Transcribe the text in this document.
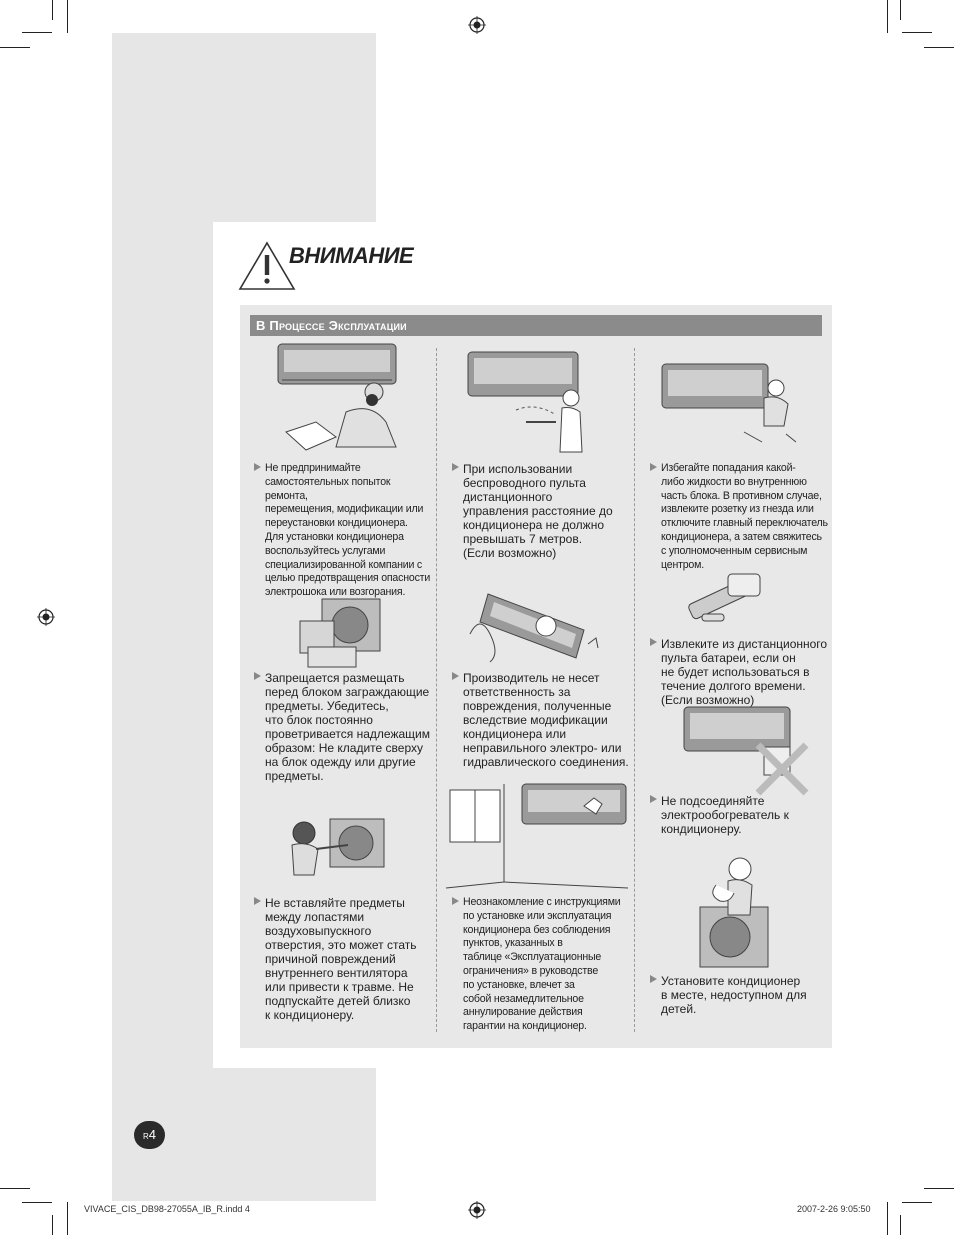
ВНИМАНИЕ
В Процессе Эксплуатации
Не предпринимайте
самостоятельных попыток ремонта,
перемещения, модификации или
переустановки кондиционера.
Для установки кондиционера
воспользуйтесь услугами
специализированной компании с
целью предотвращения опасности
электрошока или возгорания.
При использовании
беспроводного пульта
дистанционного
управления расстояние до
кондиционера не должно
превышать 7 метров.
(Если возможно)
Избегайте попадания какой-
либо жидкости во внутреннюю
часть блока. В противном случае,
извлеките розетку из гнезда или
отключите главный переключатель
кондиционера, а затем свяжитесь
с уполномоченным сервисным
центром.
Извлеките из дистанционного
пульта батареи, если он
не будет использоваться в
течение долгого времени.
(Если возможно)
Запрещается размещать
перед блоком заграждающие
предметы. Убедитесь,
что блок постоянно
проветривается надлежащим
образом: Не кладите сверху
на блок одежду или другие
предметы.
Производитель не несет
ответственность за
повреждения, полученные
вследствие модификации
кондиционера или
неправильного электро- или
гидравлического соединения.
Не подсоединяйте
электрообогреватель к
кондиционеру.
Не вставляйте предметы
между лопастями
воздуховыпускного
отверстия, это может стать
причиной повреждений
внутреннего вентилятора
или привести к травме. Не
подпускайте детей близко
к кондиционеру.
Неознакомление с инструкциями
по установке или эксплуатация
кондиционера без соблюдения
пунктов, указанных в
таблице «Эксплуатационные
ограничения» в руководстве
по установке, влечет за
собой незамедлительное
аннулирование действия
гарантии на кондиционер.
Установите кондиционер
в месте, недоступном для
детей.
R4
VIVACE_CIS_DB98-27055A_IB_R.indd 4	2007-2-26 9:05:50
